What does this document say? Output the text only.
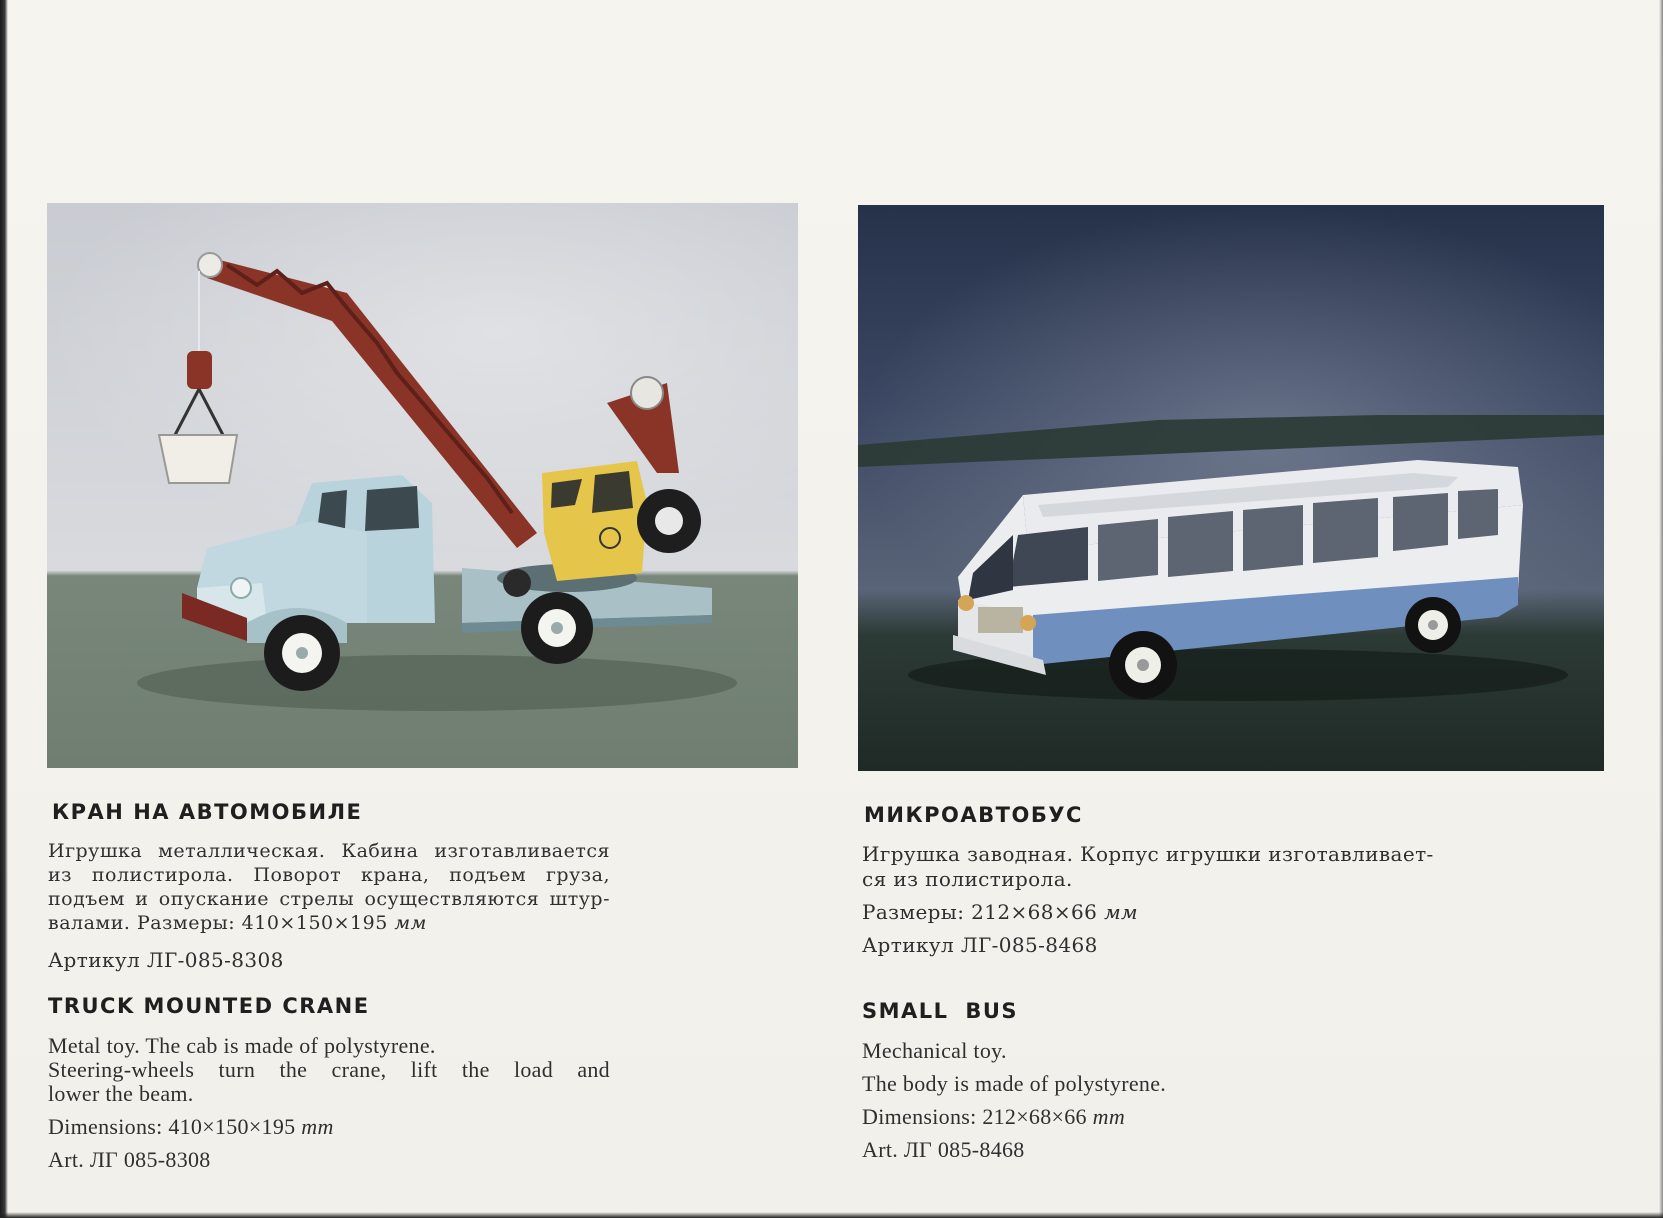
КРАН НА АВТОМОБИЛЕ
Игрушка металлическая. Кабина изготавливается
из полистирола. Поворот крана, подъем груза,
подъем и опускание стрелы осуществляются штур-
валами. Размеры: 410×150×195 мм
Артикул ЛГ-085-8308
TRUCK MOUNTED CRANE
Metal toy. The cab is made of polystyrene.
Steering-wheels turn the crane, lift the load and
lower the beam.
Dimensions: 410×150×195 mm
Art. ЛГ 085-8308
МИКРОАВТОБУС
Игрушка заводная. Корпус игрушки изготавливает-
ся из полистирола.
Размеры: 212×68×66 мм
Артикул ЛГ-085-8468
SMALL BUS
Mechanical toy.
The body is made of polystyrene.
Dimensions: 212×68×66 mm
Art. ЛГ 085-8468
